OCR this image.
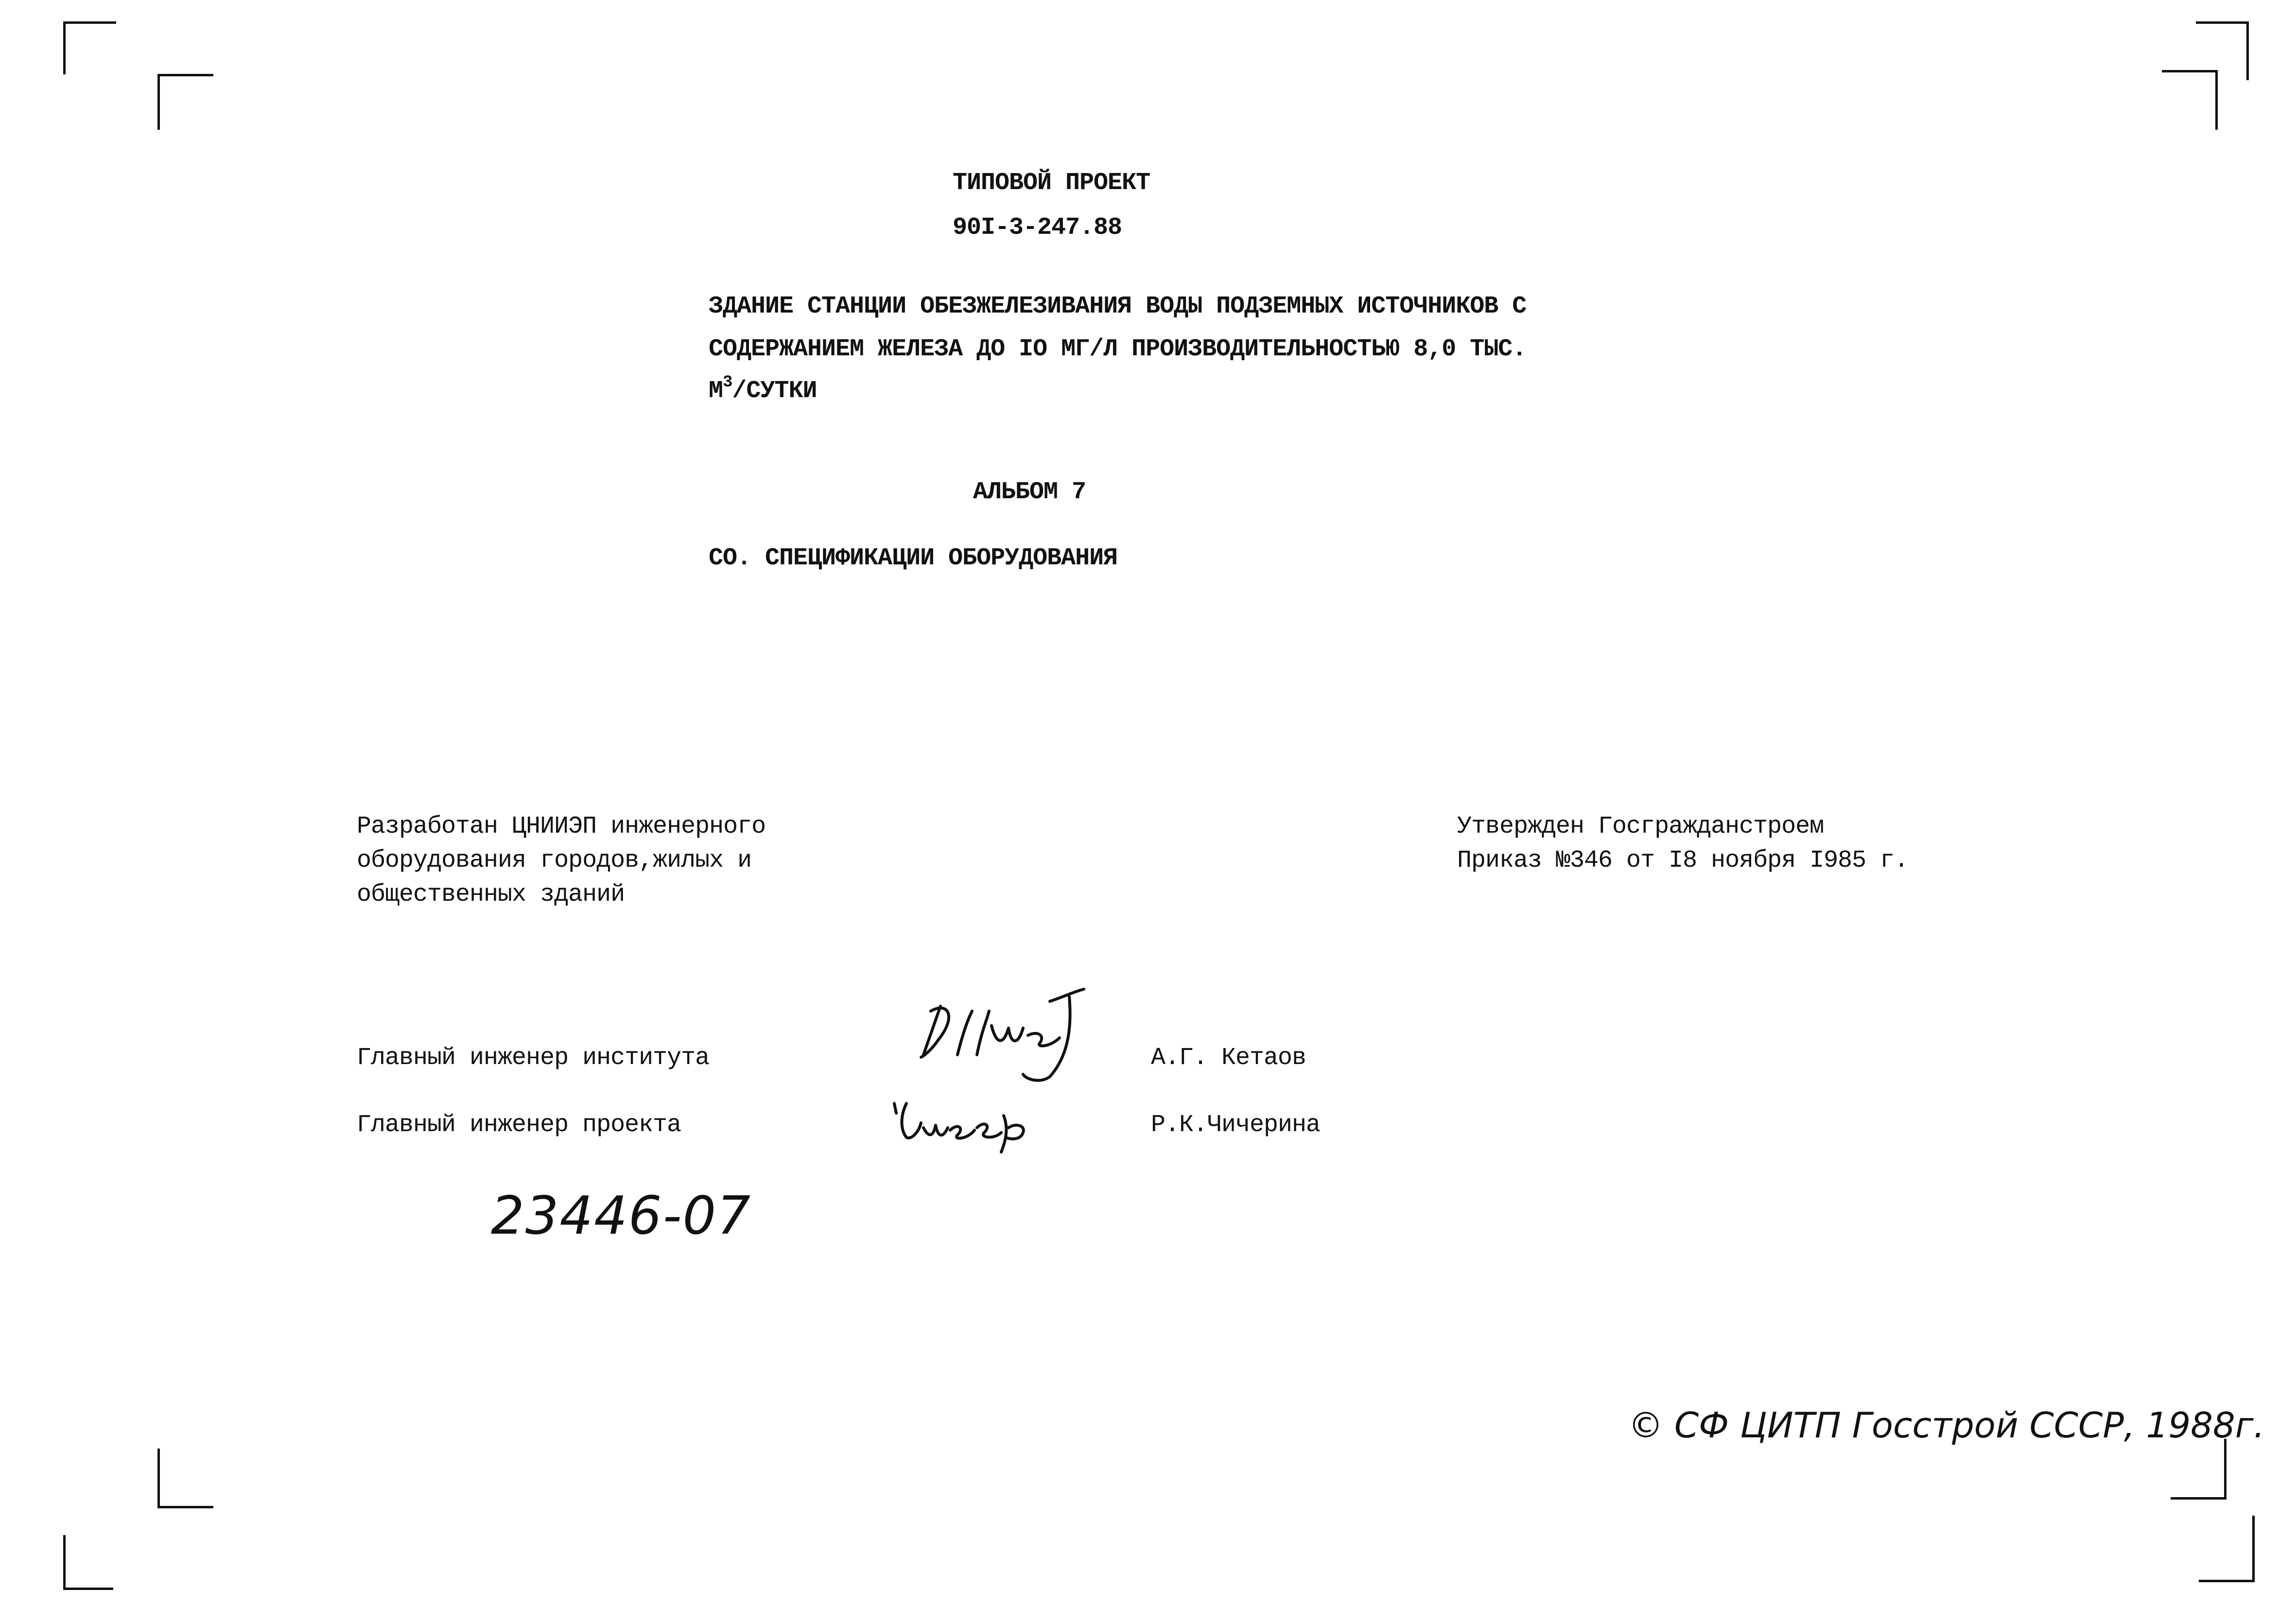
ТИПОВОЙ ПРОЕКТ
90I-3-247.88
ЗДАНИЕ СТАНЦИИ ОБЕЗЖЕЛЕЗИВАНИЯ ВОДЫ ПОДЗЕМНЫХ ИСТОЧНИКОВ С
СОДЕРЖАНИЕМ ЖЕЛЕЗА ДО IO МГ/Л ПРОИЗВОДИТЕЛЬНОСТЬЮ 8,0 ТЫС.
$М^3$/СУТКИ
АЛЬБОМ 7
СО. СПЕЦИФИКАЦИИ ОБОРУДОВАНИЯ
Разработан ЦНИИЭП инженерного
оборудования городов,жилых и
общественных зданий
Утвержден Госгражданстроем
Приказ №346 от I8 ноября I985 г.
Главный инженер института	А.Г. Кетаов
Главный инженер проекта	Р.К.Чичерина
23446-07
© СФ ЦИТП Госстрой СССР, 1988г.
